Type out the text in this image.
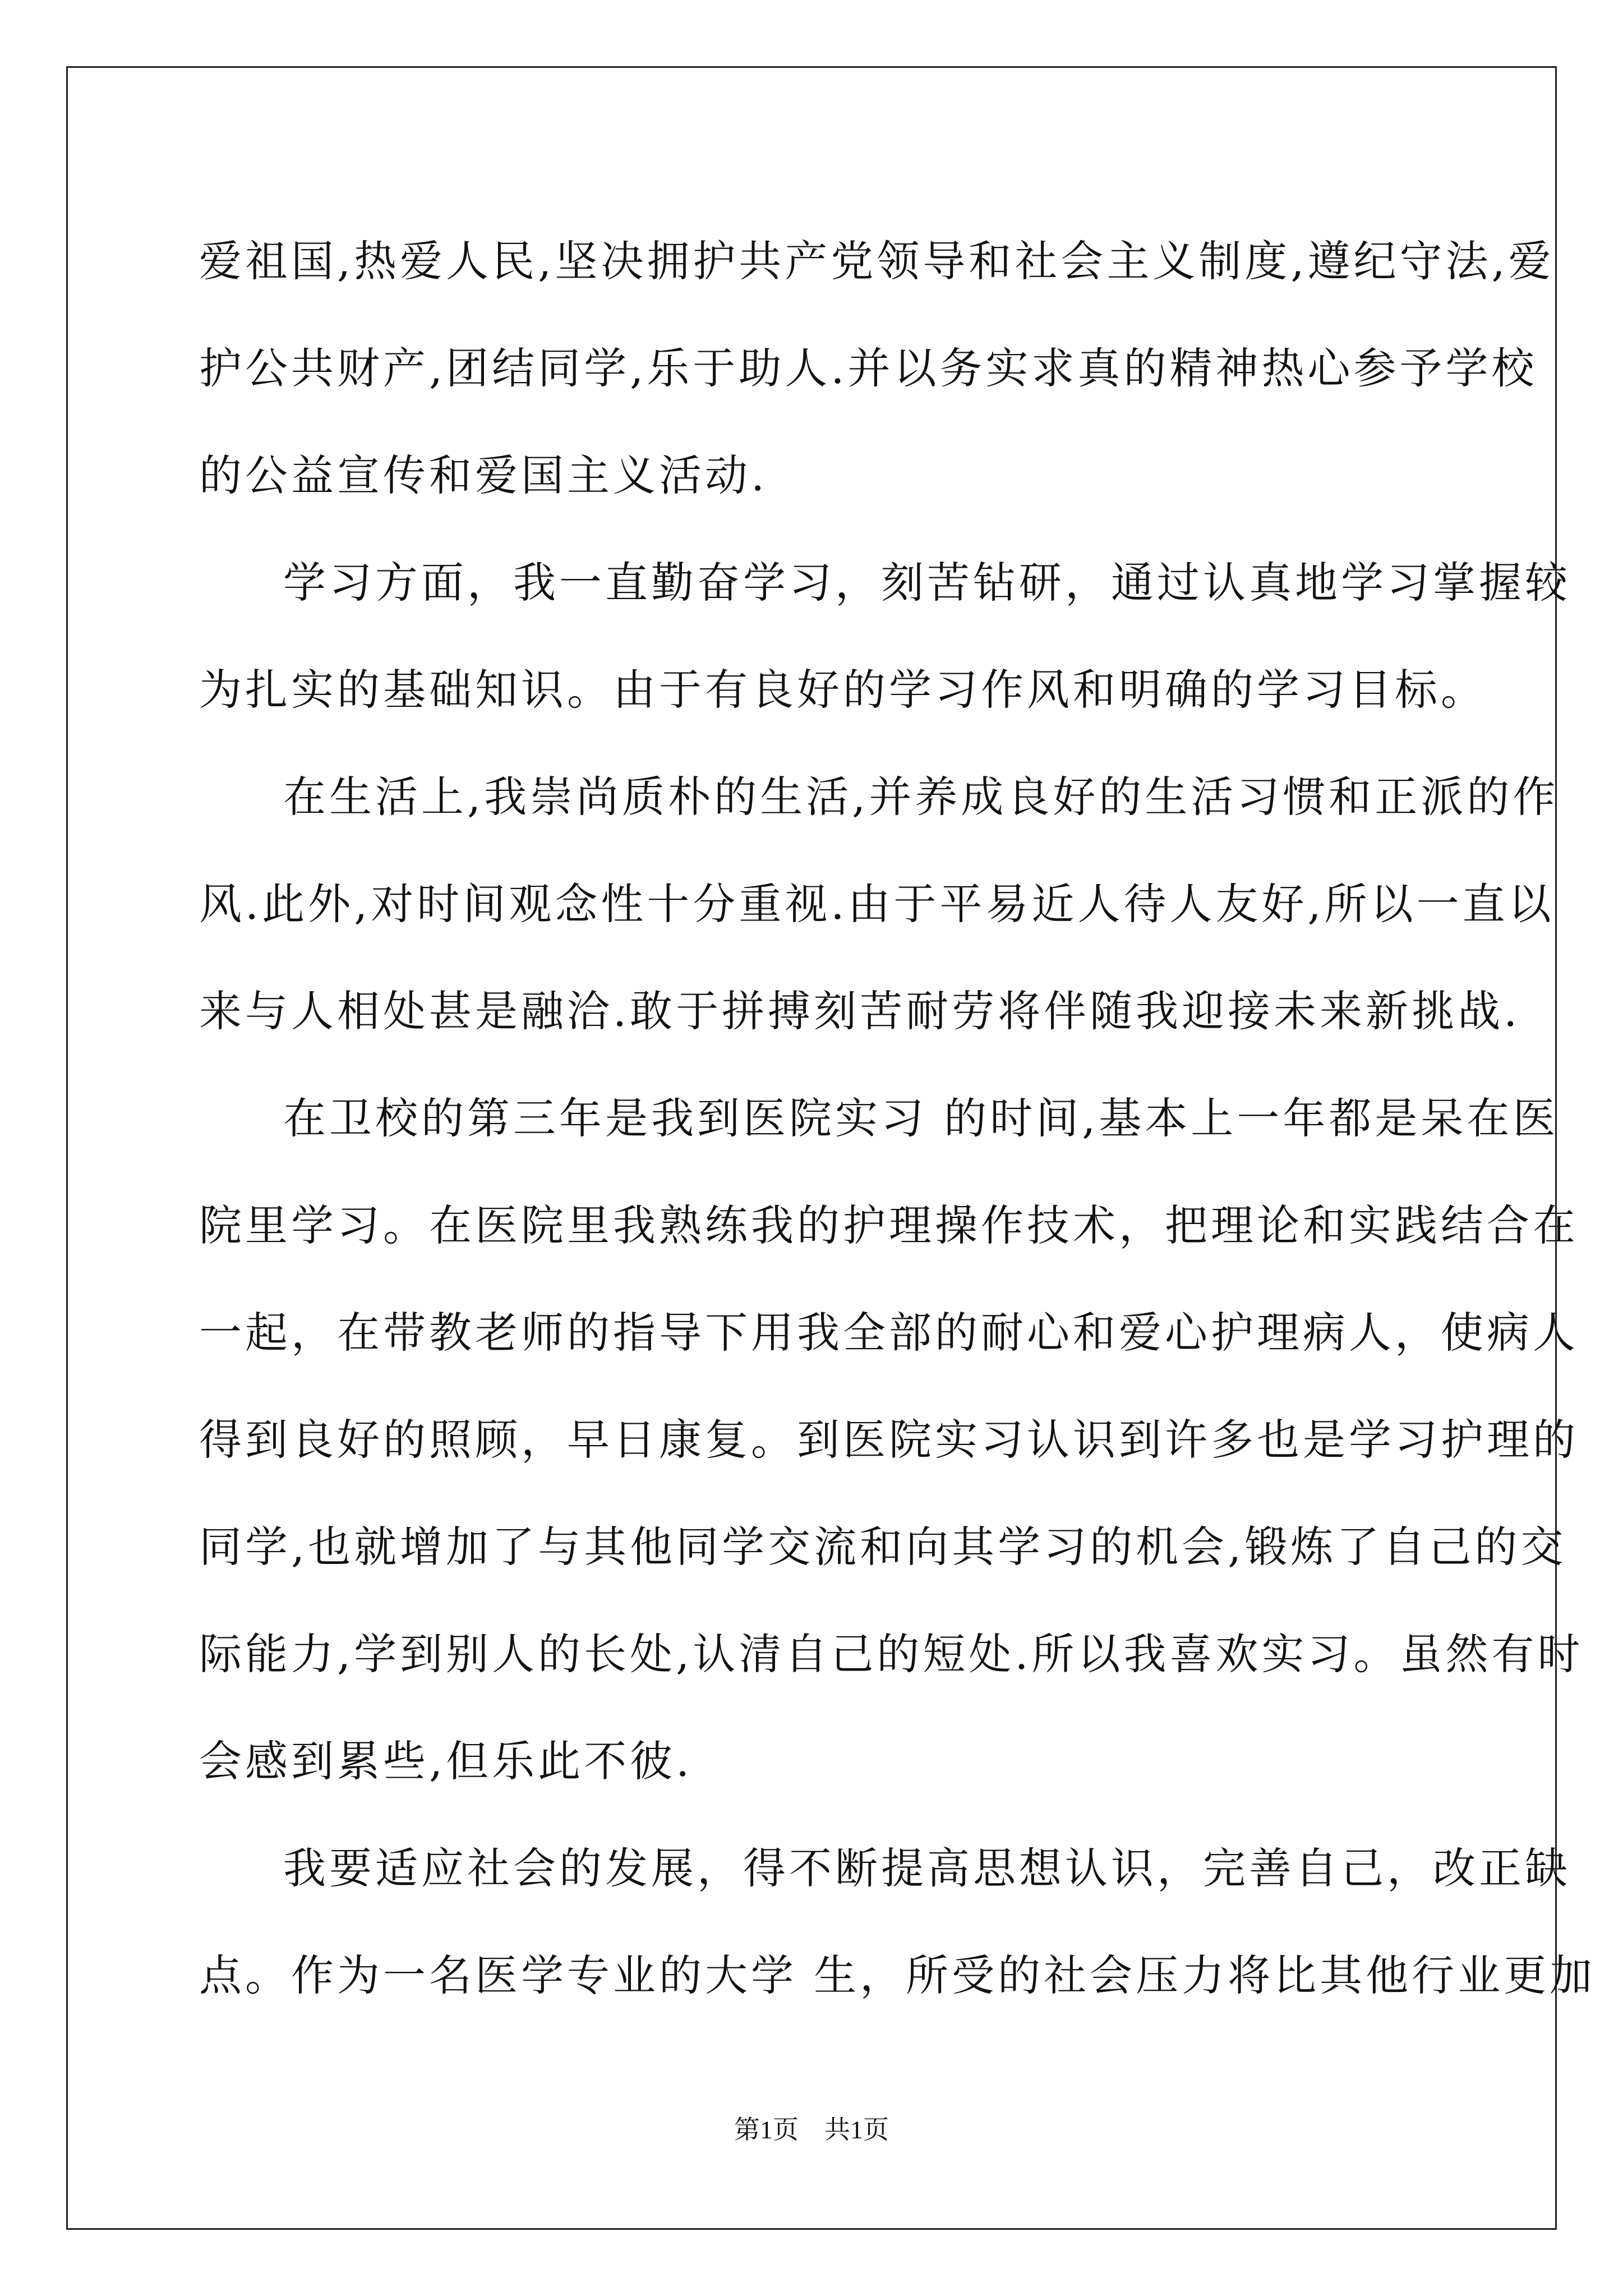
爱祖国,热爱人民,坚决拥护共产党领导和社会主义制度,遵纪守法,爱
护公共财产,团结同学,乐于助人.并以务实求真的精神热心参予学校
的公益宣传和爱国主义活动.
学习方面，我一直勤奋学习，刻苦钻研，通过认真地学习掌握较
为扎实的基础知识。由于有良好的学习作风和明确的学习目标。
在生活上,我崇尚质朴的生活,并养成良好的生活习惯和正派的作
风.此外,对时间观念性十分重视.由于平易近人待人友好,所以一直以
来与人相处甚是融洽.敢于拼搏刻苦耐劳将伴随我迎接未来新挑战.
在卫校的第三年是我到医院实习 的时间,基本上一年都是呆在医
院里学习。在医院里我熟练我的护理操作技术，把理论和实践结合在
一起，在带教老师的指导下用我全部的耐心和爱心护理病人，使病人
得到良好的照顾，早日康复。到医院实习认识到许多也是学习护理的
同学,也就增加了与其他同学交流和向其学习的机会,锻炼了自己的交
际能力,学到别人的长处,认清自己的短处.所以我喜欢实习。虽然有时
会感到累些,但乐此不彼.
我要适应社会的发展，得不断提高思想认识，完善自己，改正缺
点。作为一名医学专业的大学 生，所受的社会压力将比其他行业更加
第1页　共1页
